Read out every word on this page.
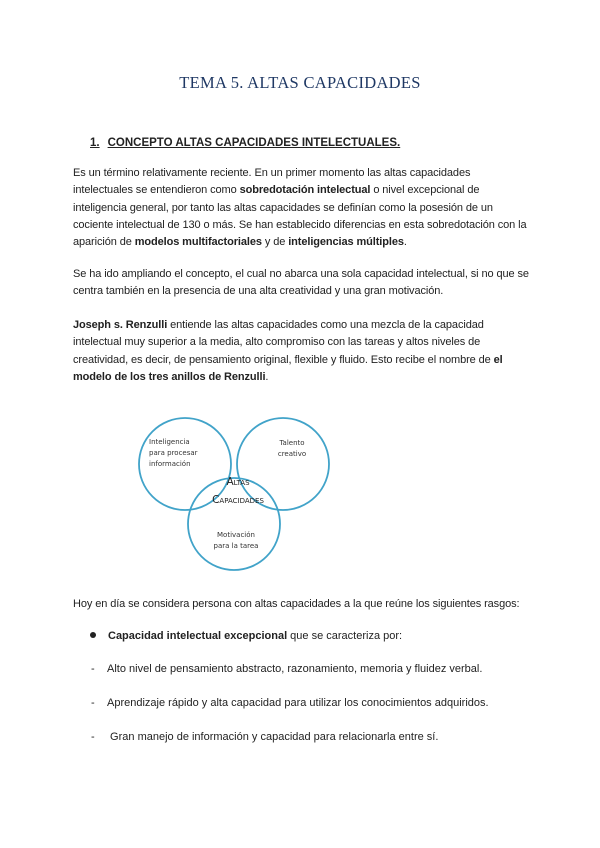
TEMA 5. ALTAS CAPACIDADES
1. CONCEPTO ALTAS CAPACIDADES INTELECTUALES.
Es un término relativamente reciente. En un primer momento las altas capacidades intelectuales se entendieron como sobredotación intelectual o nivel excepcional de inteligencia general, por tanto las altas capacidades se definían como la posesión de un cociente intelectual de 130 o más. Se han establecido diferencias en esta sobredotación con la aparición de modelos multifactoriales y de inteligencias múltiples.
Se ha ido ampliando el concepto, el cual no abarca una sola capacidad intelectual, si no que se centra también en la presencia de una alta creatividad y una gran motivación.
Joseph s. Renzulli entiende las altas capacidades como una mezcla de la capacidad intelectual muy superior a la media, alto compromiso con las tareas y altos niveles de creatividad, es decir, de pensamiento original, flexible y fluido. Esto recibe el nombre de el modelo de los tres anillos de Renzulli.
Inteligencia
para procesar
información
Talento
creativo
Motivación
para la tarea
Altas
Capacidades
Hoy en día se considera persona con altas capacidades a la que reúne los siguientes rasgos:
Capacidad intelectual excepcional que se caracteriza por:
- Alto nivel de pensamiento abstracto, razonamiento, memoria y fluidez verbal.
- Aprendizaje rápido y alta capacidad para utilizar los conocimientos adquiridos.
- Gran manejo de información y capacidad para relacionarla entre sí.
